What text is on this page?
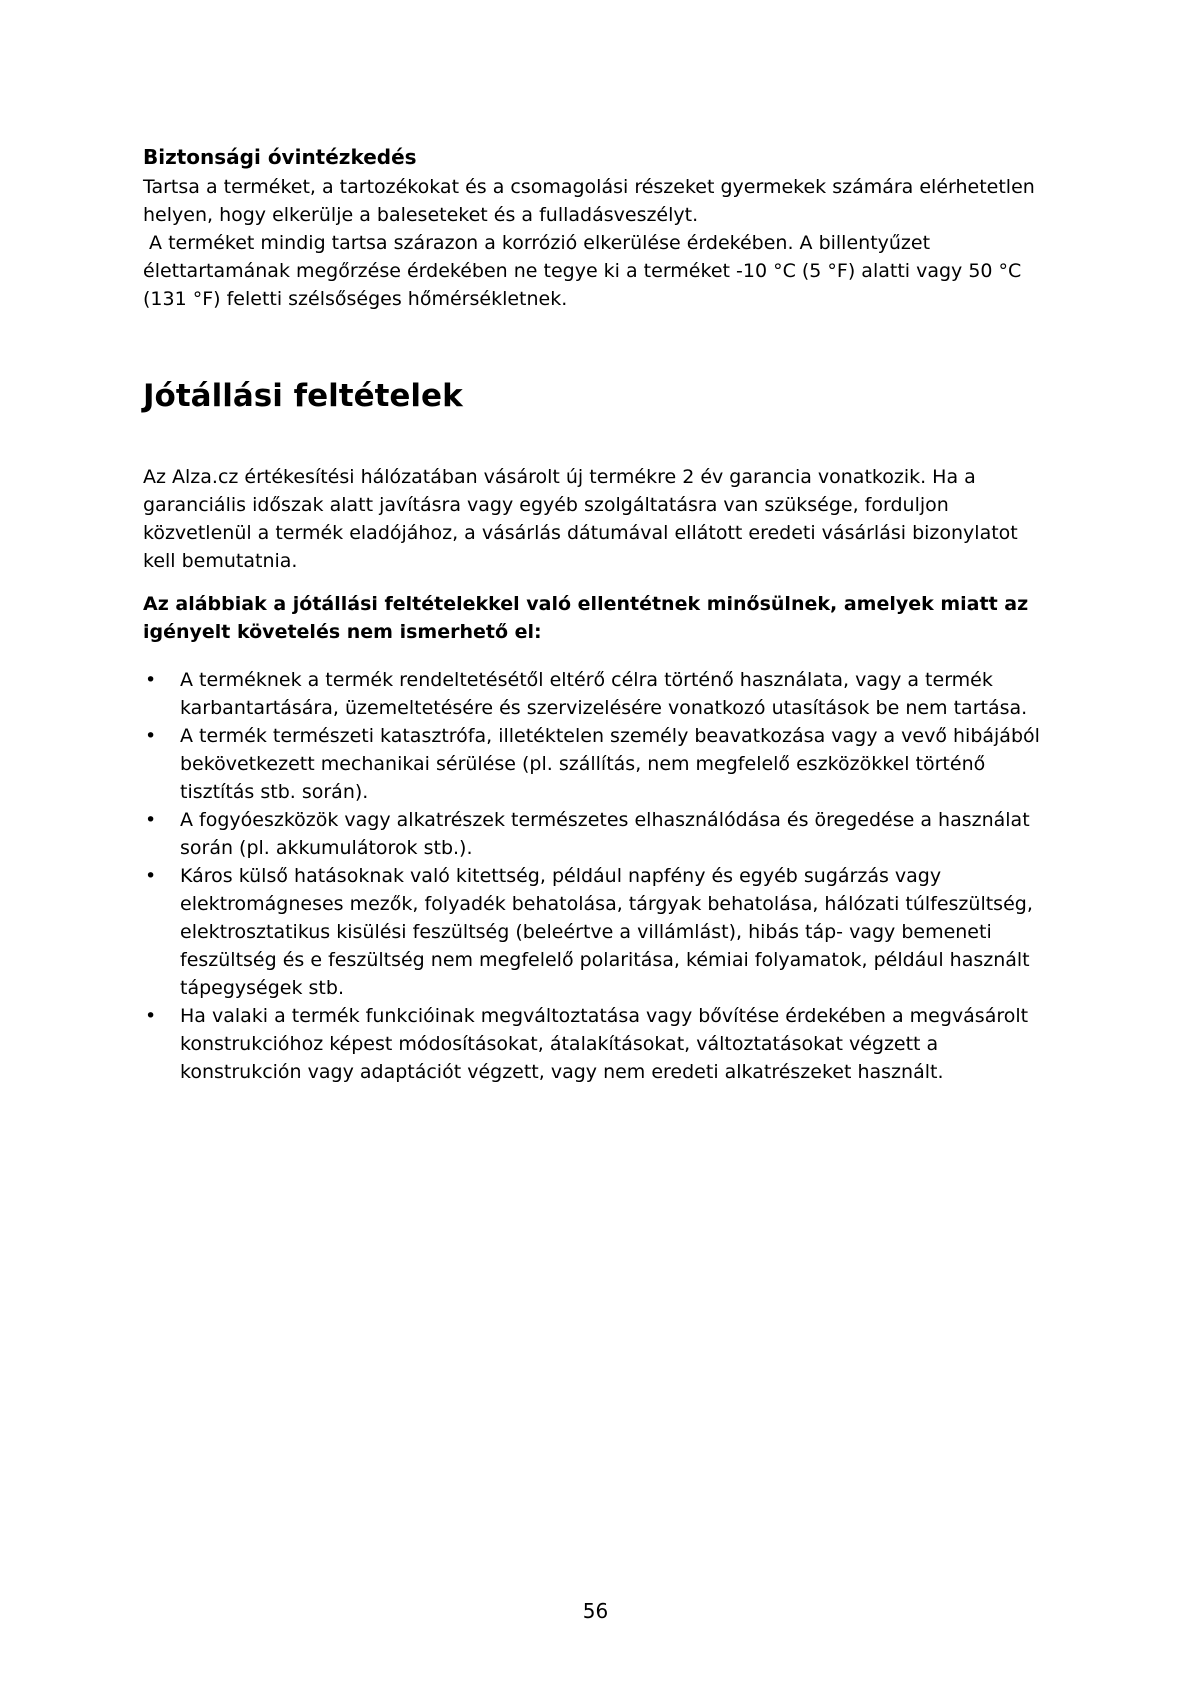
Biztonsági óvintézkedés

Tartsa a terméket, a tartozékokat és a csomagolási részeket gyermekek számára elérhetetlen helyen, hogy elkerülje a baleseteket és a fulladásveszélyt.

A terméket mindig tartsa szárazon a korrózió elkerülése érdekében. A billentyűzet élettartamának megőrzése érdekében ne tegye ki a terméket -10 °C (5 °F) alatti vagy 50 °C (131 °F) feletti szélsőséges hőmérsékletnek.

Jótállási feltételek

Az Alza.cz értékesítési hálózatában vásárolt új termékre 2 év garancia vonatkozik. Ha a garanciális időszak alatt javításra vagy egyéb szolgáltatásra van szüksége, forduljon közvetlenül a termék eladójához, a vásárlás dátumával ellátott eredeti vásárlási bizonylatot kell bemutatnia.

Az alábbiak a jótállási feltételekkel való ellentétnek minősülnek, amelyek miatt az igényelt követelés nem ismerhető el:

• A terméknek a termék rendeltetésétől eltérő célra történő használata, vagy a termék karbantartására, üzemeltetésére és szervizelésére vonatkozó utasítások be nem tartása.
• A termék természeti katasztrófa, illetéktelen személy beavatkozása vagy a vevő hibájából bekövetkezett mechanikai sérülése (pl. szállítás, nem megfelelő eszközökkel történő tisztítás stb. során).
• A fogyóeszközök vagy alkatrészek természetes elhasználódása és öregedése a használat során (pl. akkumulátorok stb.).
• Káros külső hatásoknak való kitettség, például napfény és egyéb sugárzás vagy elektromágneses mezők, folyadék behatolása, tárgyak behatolása, hálózati túlfeszültség, elektrosztatikus kisülési feszültség (beleértve a villámlást), hibás táp- vagy bemeneti feszültség és e feszültség nem megfelelő polaritása, kémiai folyamatok, például használt tápegységek stb.
• Ha valaki a termék funkcióinak megváltoztatása vagy bővítése érdekében a megvásárolt konstrukcióhoz képest módosításokat, átalakításokat, változtatásokat végzett a konstrukción vagy adaptációt végzett, vagy nem eredeti alkatrészeket használt.
56
